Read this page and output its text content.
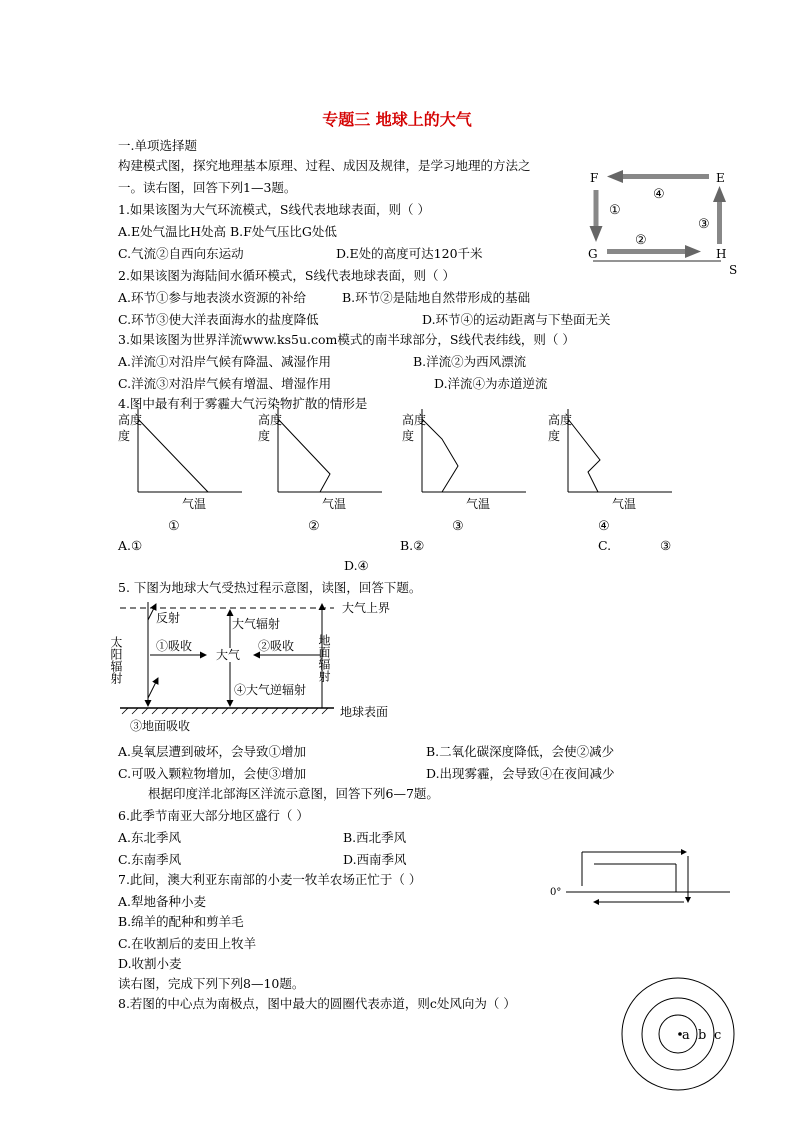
专题三 地球上的大气
一.单项选择题
构建模式图，探究地理基本原理、过程、成因及规律，是学习地理的方法之
一。读右图，回答下列1—3题。
1.如果该图为大气环流模式，S线代表地球表面，则（ ）
A.E处气温比H处高 B.F处气压比G处低
C.气流②自西向东运动	D.E处的高度可达120千米
2.如果该图为海陆间水循环模式，S线代表地球表面，则（ ）
A.环节①参与地表淡水资源的补给	B.环节②是陆地自然带形成的基础
C.环节③使大洋表面海水的盐度降低	D.环节④的运动距离与下垫面无关
3.如果该图为世界洋流www.ks5u.com模式的南半球部分，S线代表纬线，则（ ）
A.洋流①对沿岸气候有降温、减湿作用	B.洋流②为西风漂流
C.洋流③对沿岸气候有增温、增湿作用	D.洋流④为赤道逆流
4.图中最有利于雾霾大气污染物扩散的情形是
F	E
G	H
S
④
①
③
②
高度
度
气温
①
高度
度
气温
②
高度
度
气温
③
高度
度
气温
④
A.①	B.②	C.	③
D.④
5. 下图为地球大气受热过程示意图，读图，回答下题。
大气上界
地球表面
太阳辐射
反射
地面辐射
大气辐射
①吸收	②吸收
大气
④大气逆辐射
③地面吸收
A.臭氧层遭到破坏，会导致①增加	B.二氧化碳深度降低，会使②减少
C.可吸入颗粒物增加，会使③增加	D.出现雾霾，会导致④在夜间减少
根据印度洋北部海区洋流示意图，回答下列6—7题。
6.此季节南亚大部分地区盛行（ ）
A.东北季风	B.西北季风
C.东南季风	D.西南季风
7.此间，澳大利亚东南部的小麦一牧羊农场正忙于（ ）
A.犁地备种小麦
B.绵羊的配种和剪羊毛
C.在收割后的麦田上牧羊
D.收割小麦
读右图，完成下列下列8—10题。
8.若图的中心点为南极点，图中最大的圆圈代表赤道，则c处风向为（ ）
0°
a b c
